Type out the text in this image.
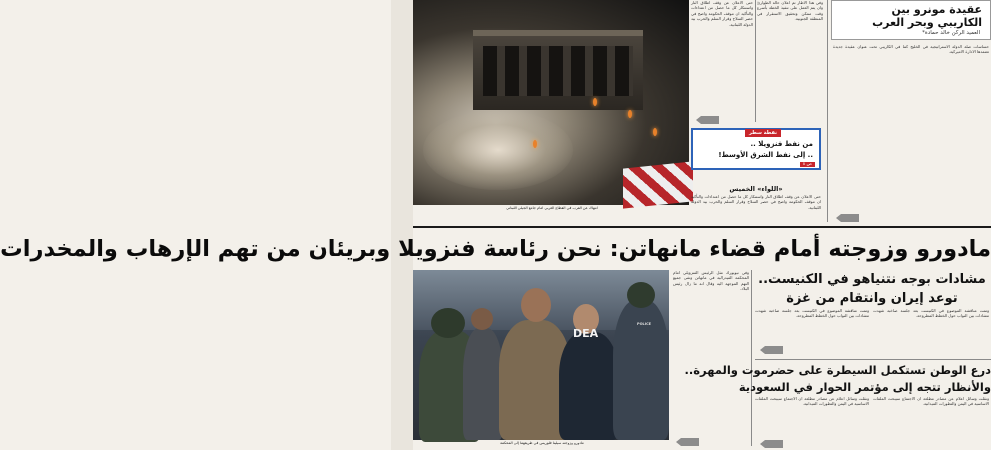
انتهاك عن القرب في القطاع الغربي امام جامع الجيلي اللبناني
حتى الاعلان عن وقف اطلاق النار واستنكار كل ما حصل من اعتداءات والتأكيد ان موقف الحكومة واضح في حصر السلاح وقرار السلم والحرب بيد الدولة اللبنانية.
وفي هذا الاطار تم اعلان حالة الطوارئ وان يتم العمل على تنفيذ الخطة بأسرع وقت ممكن وتحقيق الاستقرار في المنطقة الجنوبية.
نقطة سطر
من نفط فنزويلا ..
.. إلى نفط الشرق الأوسط!
ص ٨
«اللواء» الخميس
حتى الاعلان عن وقف اطلاق النار واستنكار كل ما حصل من اعتداءات والتأكيد ان موقف الحكومة واضح في حصر السلاح وقرار السلم والحرب بيد الدولة اللبنانية.
عقيدة مونرو بين
الكاريبي وبحر العرب
العميد الركن خالد حمادة*
حساسات صلة الدولة الاستراتيجية في الخليج كما في الكاريبي تحت عنوان عقيدة جديدة تعتمدها الادارة الاميركية.
مادورو وزوجته أمام قضاء مانهاتن: نحن رئاسة فنزويلا وبريئان من تهم الإرهاب والمخدرات
DEA
POLICE
مادورو وزوجته سيلينا فلوريس في طريقهما إلى المحكمة
وفي نيويورك مثل الرئيس الفنزويلي امام المحكمة الفيدرالية في مانهاتن ونفى جميع التهم الموجهة اليه وقال انه ما زال رئيس البلاد.
مشادات بوجه نتنياهو في الكنيست..
توعد إيران وانتقام من غزة
وتمت مناقشة الموضوع في الكنيست بعد جلسة صاخبة شهدت مشادات بين النواب حول الخطط المطروحة.
وتمت مناقشة الموضوع في الكنيست بعد جلسة صاخبة شهدت مشادات بين النواب حول الخطط المطروحة.
درع الوطن تستكمل السيطرة على حضرموت والمهرة..
والأنظار تتجه إلى مؤتمر الحوار في السعودية
ونقلت وسائل اعلام عن مصادر مطلعة ان الاجتماع سيبحث الملفات الاساسية في اليمن والتطورات الميدانية.
ونقلت وسائل اعلام عن مصادر مطلعة ان الاجتماع سيبحث الملفات الاساسية في اليمن والتطورات الميدانية.
